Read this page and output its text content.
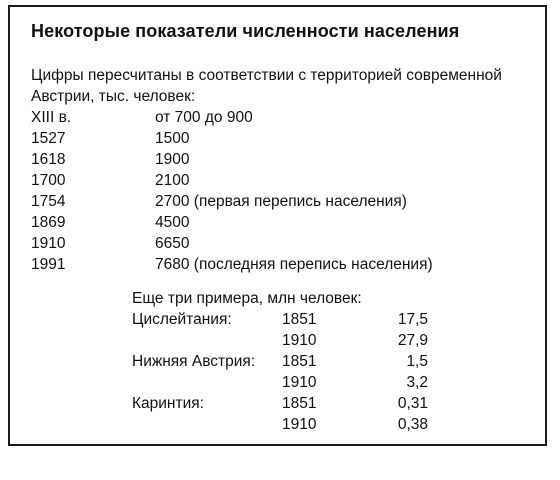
Некоторые показатели численности населения
Цифры пересчитаны в соответствии с территорией современной
Австрии, тыс. человек:
XIII в.	от 700 до 900
1527	1500
1618	1900
1700	2100
1754	2700 (первая перепись населения)
1869	4500
1910	6650
1991	7680 (последняя перепись населения)
Еще три примера, млн человек:
Цислейтания:	1851	17,5
1910	27,9
Нижняя Австрия: 1851	1,5
1910	3,2
Каринтия:	1851	0,31
1910	0,38
